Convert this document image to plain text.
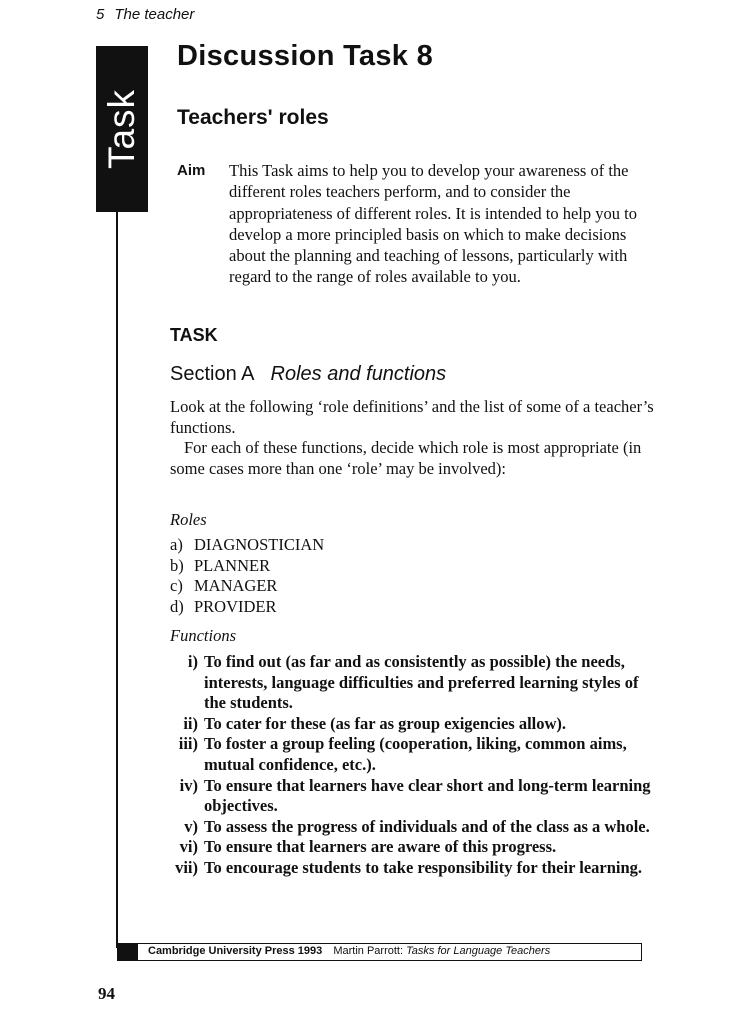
5 The teacher
Task
Discussion Task 8
Teachers' roles
Aim This Task aims to help you to develop your awareness of the different roles teachers perform, and to consider the appropriateness of different roles. It is intended to help you to develop a more principled basis on which to make decisions about the planning and teaching of lessons, particularly with regard to the range of roles available to you.
TASK
Section A Roles and functions

Look at the following ‘role definitions’ and the list of some of a teacher’s functions.

For each of these functions, decide which role is most appropriate (in some cases more than one ‘role’ may be involved):

Roles
a) DIAGNOSTICIAN
b) PLANNER
c) MANAGER
d) PROVIDER
Functions
i) To find out (as far and as consistently as possible) the needs, interests, language difficulties and preferred learning styles of the students.
ii) To cater for these (as far as group exigencies allow).
iii) To foster a group feeling (cooperation, liking, common aims, mutual confidence, etc.).
iv) To ensure that learners have clear short and long-term learning objectives.
v) To assess the progress of individuals and of the class as a whole.
vi) To ensure that learners are aware of this progress.
vii) To encourage students to take responsibility for their learning.
Cambridge University Press 1993 Martin Parrott: Tasks for Language Teachers
94
